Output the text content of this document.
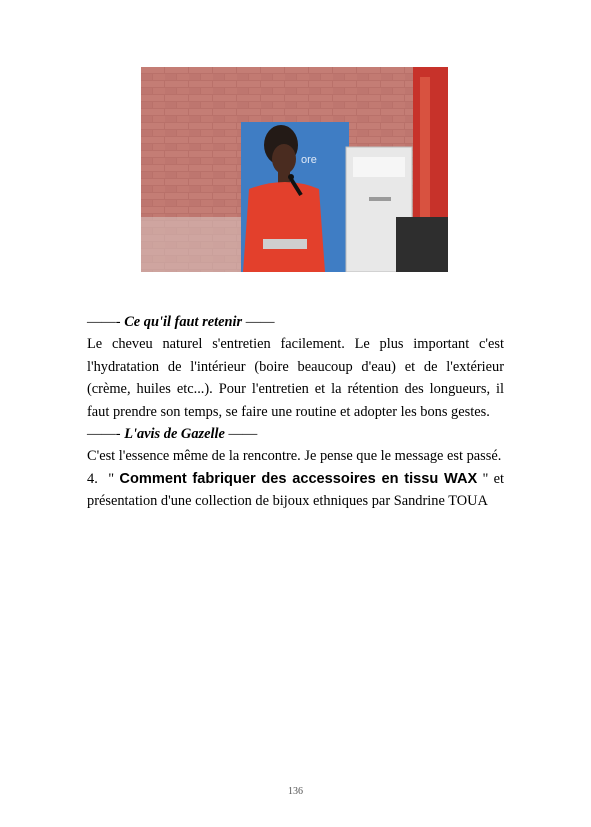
ore

——- Ce qu'il faut retenir ——

Le cheveu naturel s'entretien facilement. Le plus important c'est l'hydratation de l'intérieur (boire beaucoup d'eau) et de l'extérieur (crème, huiles etc...). Pour l'entretien et la rétention des longueurs, il faut prendre son temps, se faire une routine et adopter les bons gestes.

——- L'avis de Gazelle ——

C'est l'essence même de la rencontre. Je pense que le message est passé.

4. " Comment fabriquer des accessoires en tissu WAX " et présentation d'une collection de bijoux ethniques par Sandrine TOUA

136
